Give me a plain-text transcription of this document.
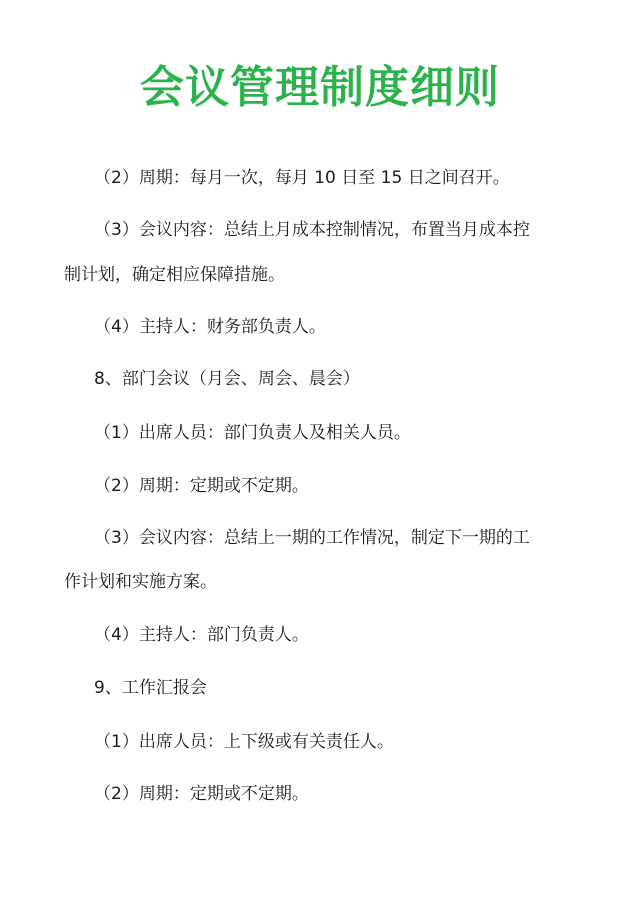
会议管理制度细则
（2）周期：每月一次，每月 10 日至 15 日之间召开。
（3）会议内容：总结上月成本控制情况，布置当月成本控
制计划，确定相应保障措施。
（4）主持人：财务部负责人。
8、部门会议（月会、周会、晨会）
（1）出席人员：部门负责人及相关人员。
（2）周期：定期或不定期。
（3）会议内容：总结上一期的工作情况，制定下一期的工
作计划和实施方案。
（4）主持人：部门负责人。
9、工作汇报会
（1）出席人员：上下级或有关责任人。
（2）周期：定期或不定期。
